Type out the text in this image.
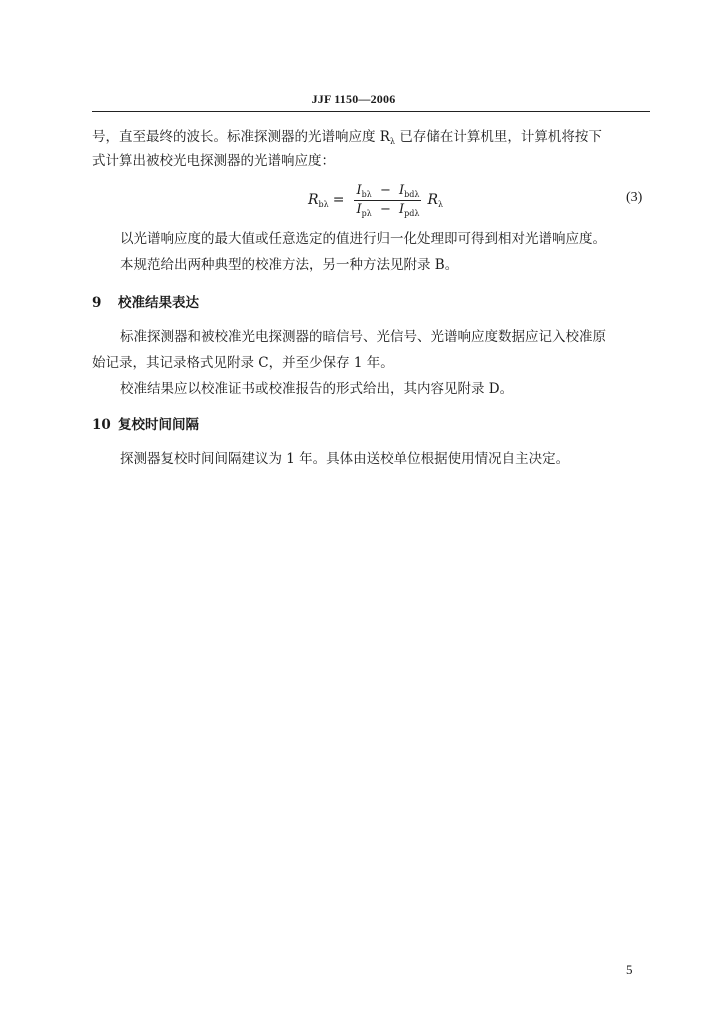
JJF 1150—2006

号，直至最终的波长。标准探测器的光谱响应度 $R_\lambda$ 已存储在计算机里，计算机将按下

式计算出被校光电探测器的光谱响应度：

$R_{b\lambda} = \frac{I_{b\lambda} - I_{bd\lambda}}{I_{p\lambda} - I_{pd\lambda}} R_\lambda$	(3)

以光谱响应度的最大值或任意选定的值进行归一化处理即可得到相对光谱响应度。

本规范给出两种典型的校准方法，另一种方法见附录 B。

9 校准结果表达

标准探测器和被校准光电探测器的暗信号、光信号、光谱响应度数据应记入校准原

始记录，其记录格式见附录 C，并至少保存 1 年。

校准结果应以校准证书或校准报告的形式给出，其内容见附录 D。

10 复校时间间隔

探测器复校时间间隔建议为 1 年。具体由送校单位根据使用情况自主决定。

5
